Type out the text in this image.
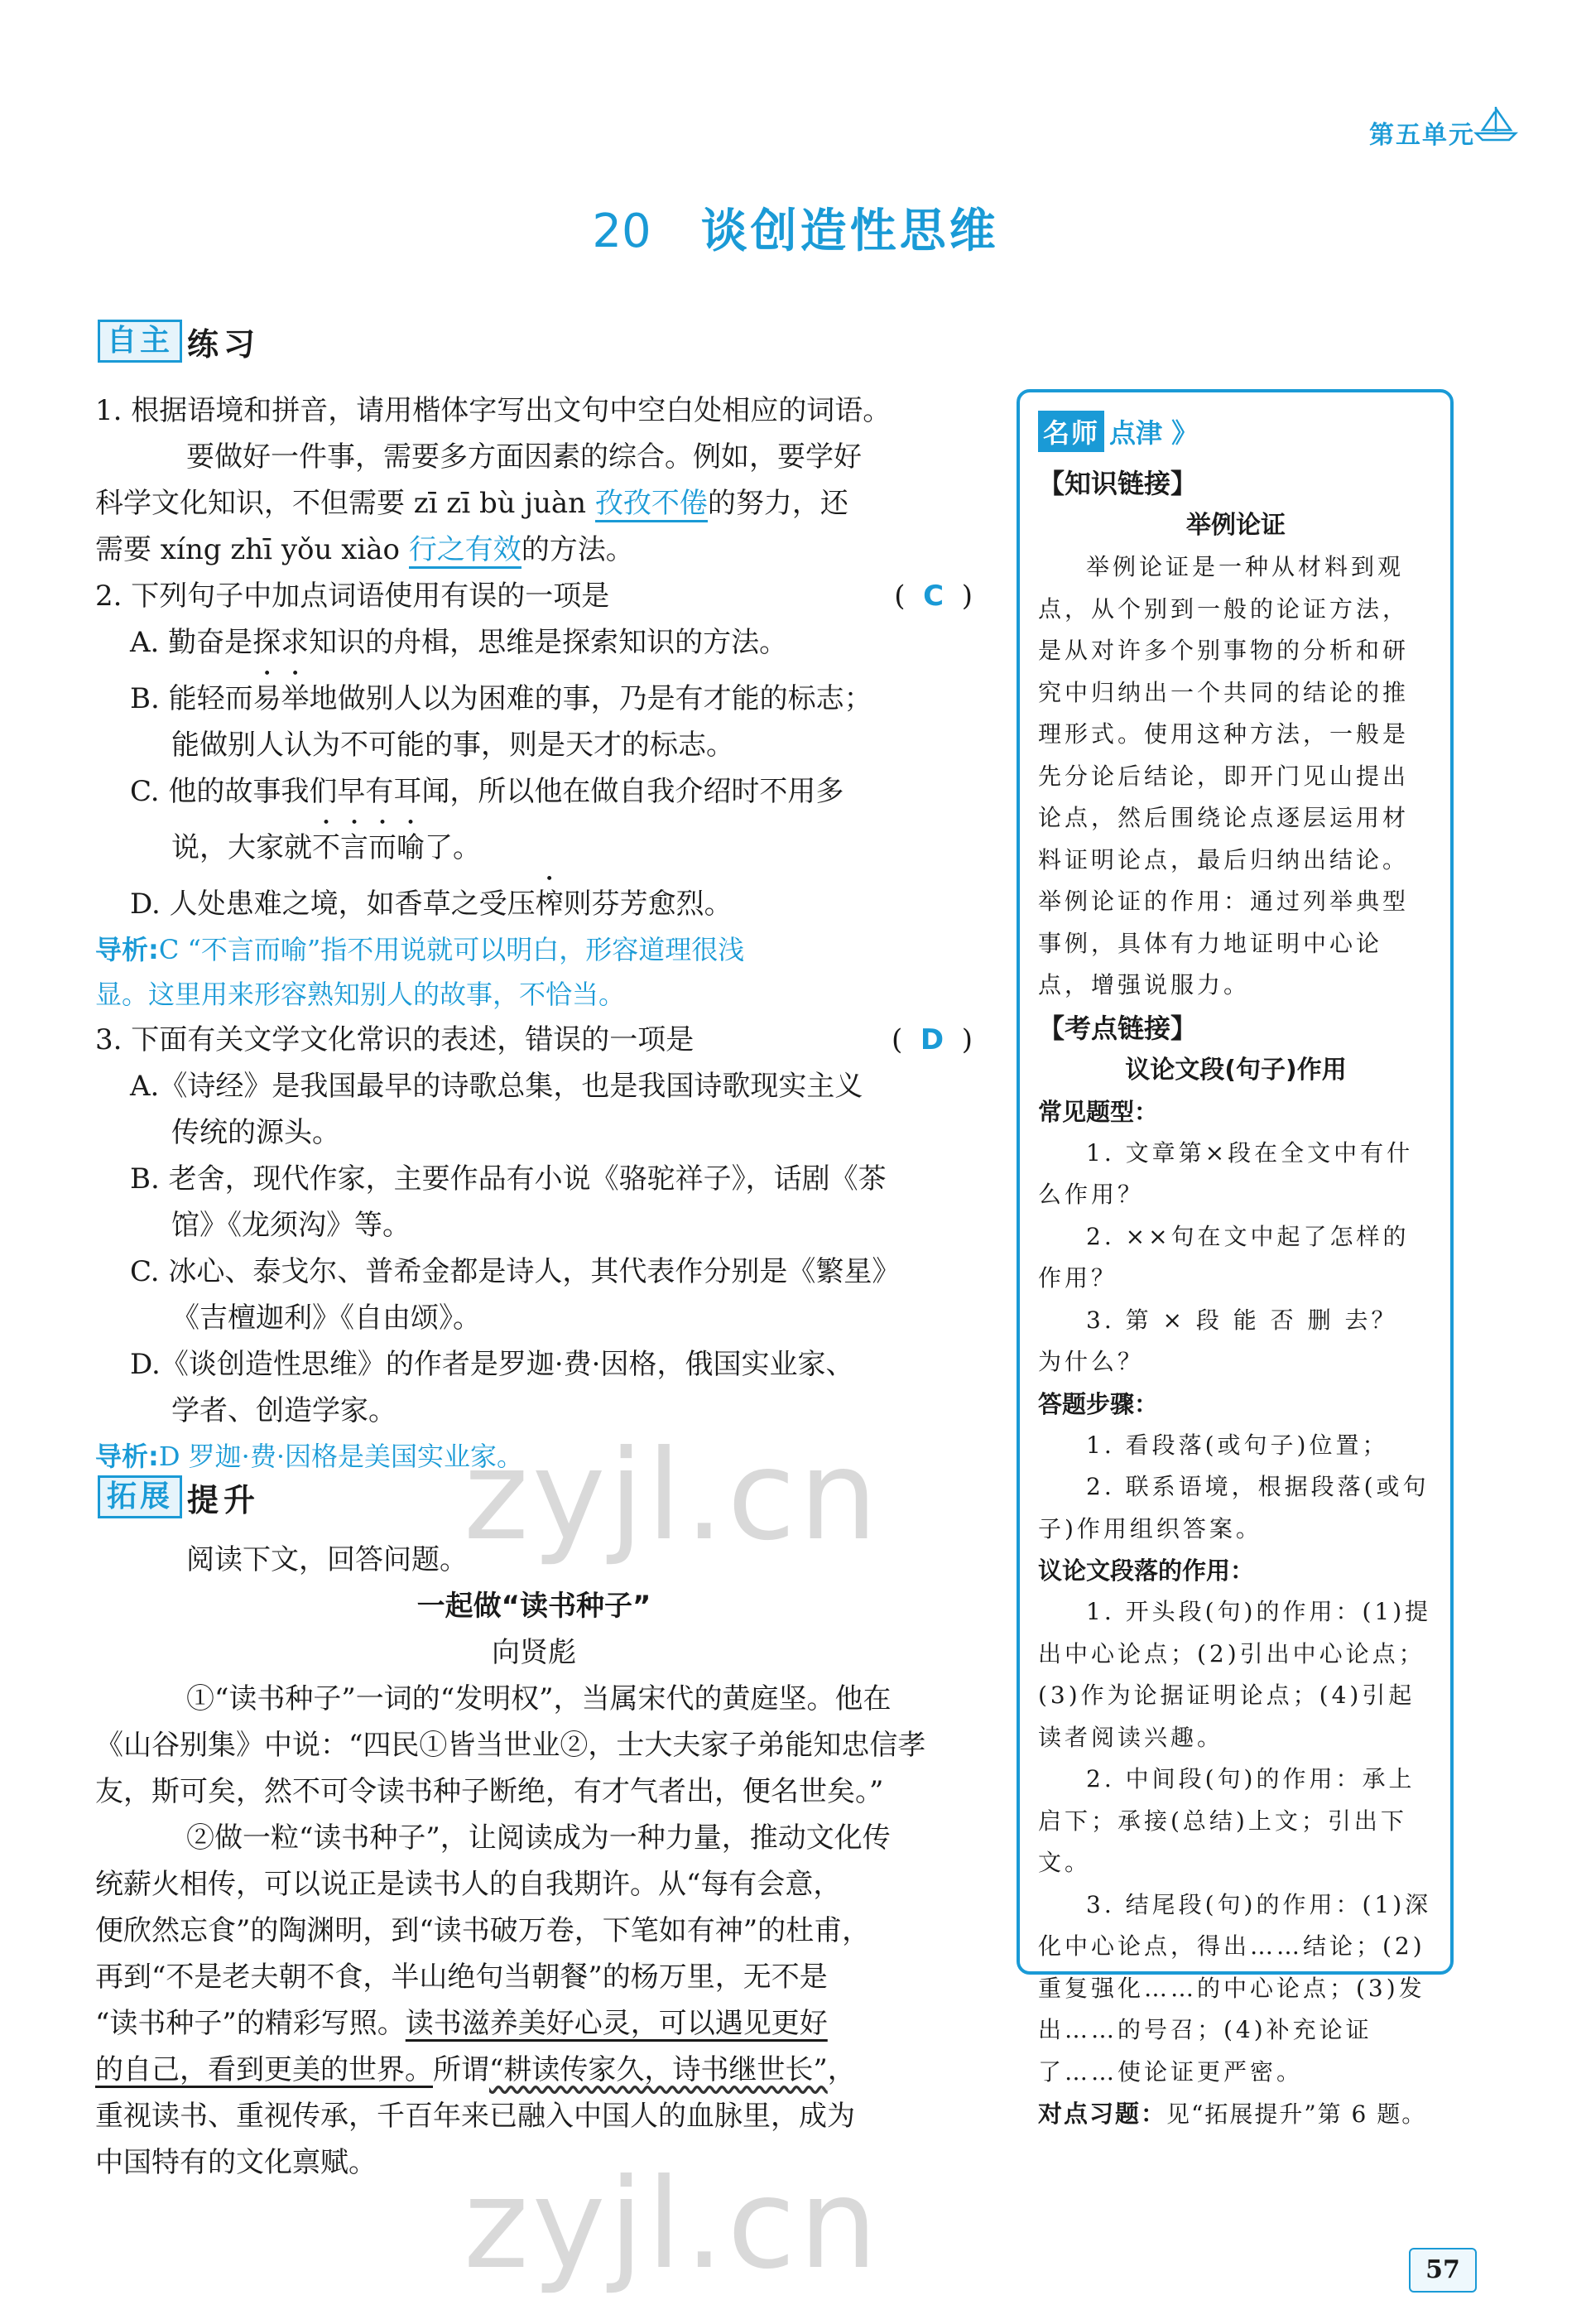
第五单元
20 谈创造性思维
自主 练习
1. 根据语境和拼音，请用楷体字写出文句中空白处相应的词语。
要做好一件事，需要多方面因素的综合。例如，要学好
科学文化知识，不但需要 zī zī bù juàn 孜孜不倦的努力，还
需要 xíng zhī yǒu xiào 行之有效的方法。
2. 下列句子中加点词语使用有误的一项是	(  C  )
A. 勤奋是探求知识的舟楫，思维是探索知识的方法。
B. 能轻而易举地做别人以为困难的事，乃是有才能的标志；
能做别人认为不可能的事，则是天才的标志。
C. 他的故事我们早有耳闻，所以他在做自我介绍时不用多
说，大家就不言而喻了。
D. 人处患难之境，如香草之受压榨则芬芳愈烈。
导析:C “不言而喻”指不用说就可以明白，形容道理很浅
显。这里用来形容熟知别人的故事，不恰当。
3. 下面有关文学文化常识的表述，错误的一项是	(  D  )
A.《诗经》是我国最早的诗歌总集，也是我国诗歌现实主义
传统的源头。
B. 老舍，现代作家，主要作品有小说《骆驼祥子》，话剧《茶
馆》《龙须沟》等。
C. 冰心、泰戈尔、普希金都是诗人，其代表作分别是《繁星》
《吉檀迦利》《自由颂》。
D.《谈创造性思维》的作者是罗迦·费·因格，俄国实业家、
学者、创造学家。
导析:D 罗迦·费·因格是美国实业家。
拓展 提升
阅读下文，回答问题。
一起做“读书种子”
向贤彪
①“读书种子”一词的“发明权”，当属宋代的黄庭坚。他在
《山谷别集》中说：“四民①皆当世业②，士大夫家子弟能知忠信孝
友，斯可矣，然不可令读书种子断绝，有才气者出，便名世矣。”
②做一粒“读书种子”，让阅读成为一种力量，推动文化传
统薪火相传，可以说正是读书人的自我期许。从“每有会意，
便欣然忘食”的陶渊明，到“读书破万卷，下笔如有神”的杜甫，
再到“不是老夫朝不食，半山绝句当朝餐”的杨万里，无不是
“读书种子”的精彩写照。读书滋养美好心灵，可以遇见更好
的自己，看到更美的世界。所谓“耕读传家久，诗书继世长”，
重视读书、重视传承，千百年来已融入中国人的血脉里，成为
中国特有的文化禀赋。
名师 点津 》
【知识链接】
举例论证

举例论证是一种从材料到观点，从个别到一般的论证方法，是从对许多个别事物的分析和研究中归纳出一个共同的结论的推理形式。使用这种方法，一般是先分论后结论，即开门见山提出论点，然后围绕论点逐层运用材料证明论点，最后归纳出结论。举例论证的作用：通过列举典型事例，具体有力地证明中心论点，增强说服力。

【考点链接】
议论文段(句子)作用
常见题型：

1. 文章第×段在全文中有什么作用？

2. ××句在文中起了怎样的作用？

3. 第 × 段 能 否 删 去？ 为什么？

答题步骤：

1. 看段落(或句子)位置；

2. 联系语境，根据段落(或句子)作用组织答案。

议论文段落的作用：

1. 开头段(句)的作用：(1)提出中心论点；(2)引出中心论点；(3)作为论据证明论点；(4)引起读者阅读兴趣。

2. 中间段(句)的作用：承上启下；承接(总结)上文；引出下文。

3. 结尾段(句)的作用：(1)深化中心论点，得出……结论；(2)重复强化……的中心论点；(3)发出……的号召；(4)补充论证了……使论证更严密。

对点习题：见“拓展提升”第 6 题。
zyjl.cn
zyjl.cn	57
